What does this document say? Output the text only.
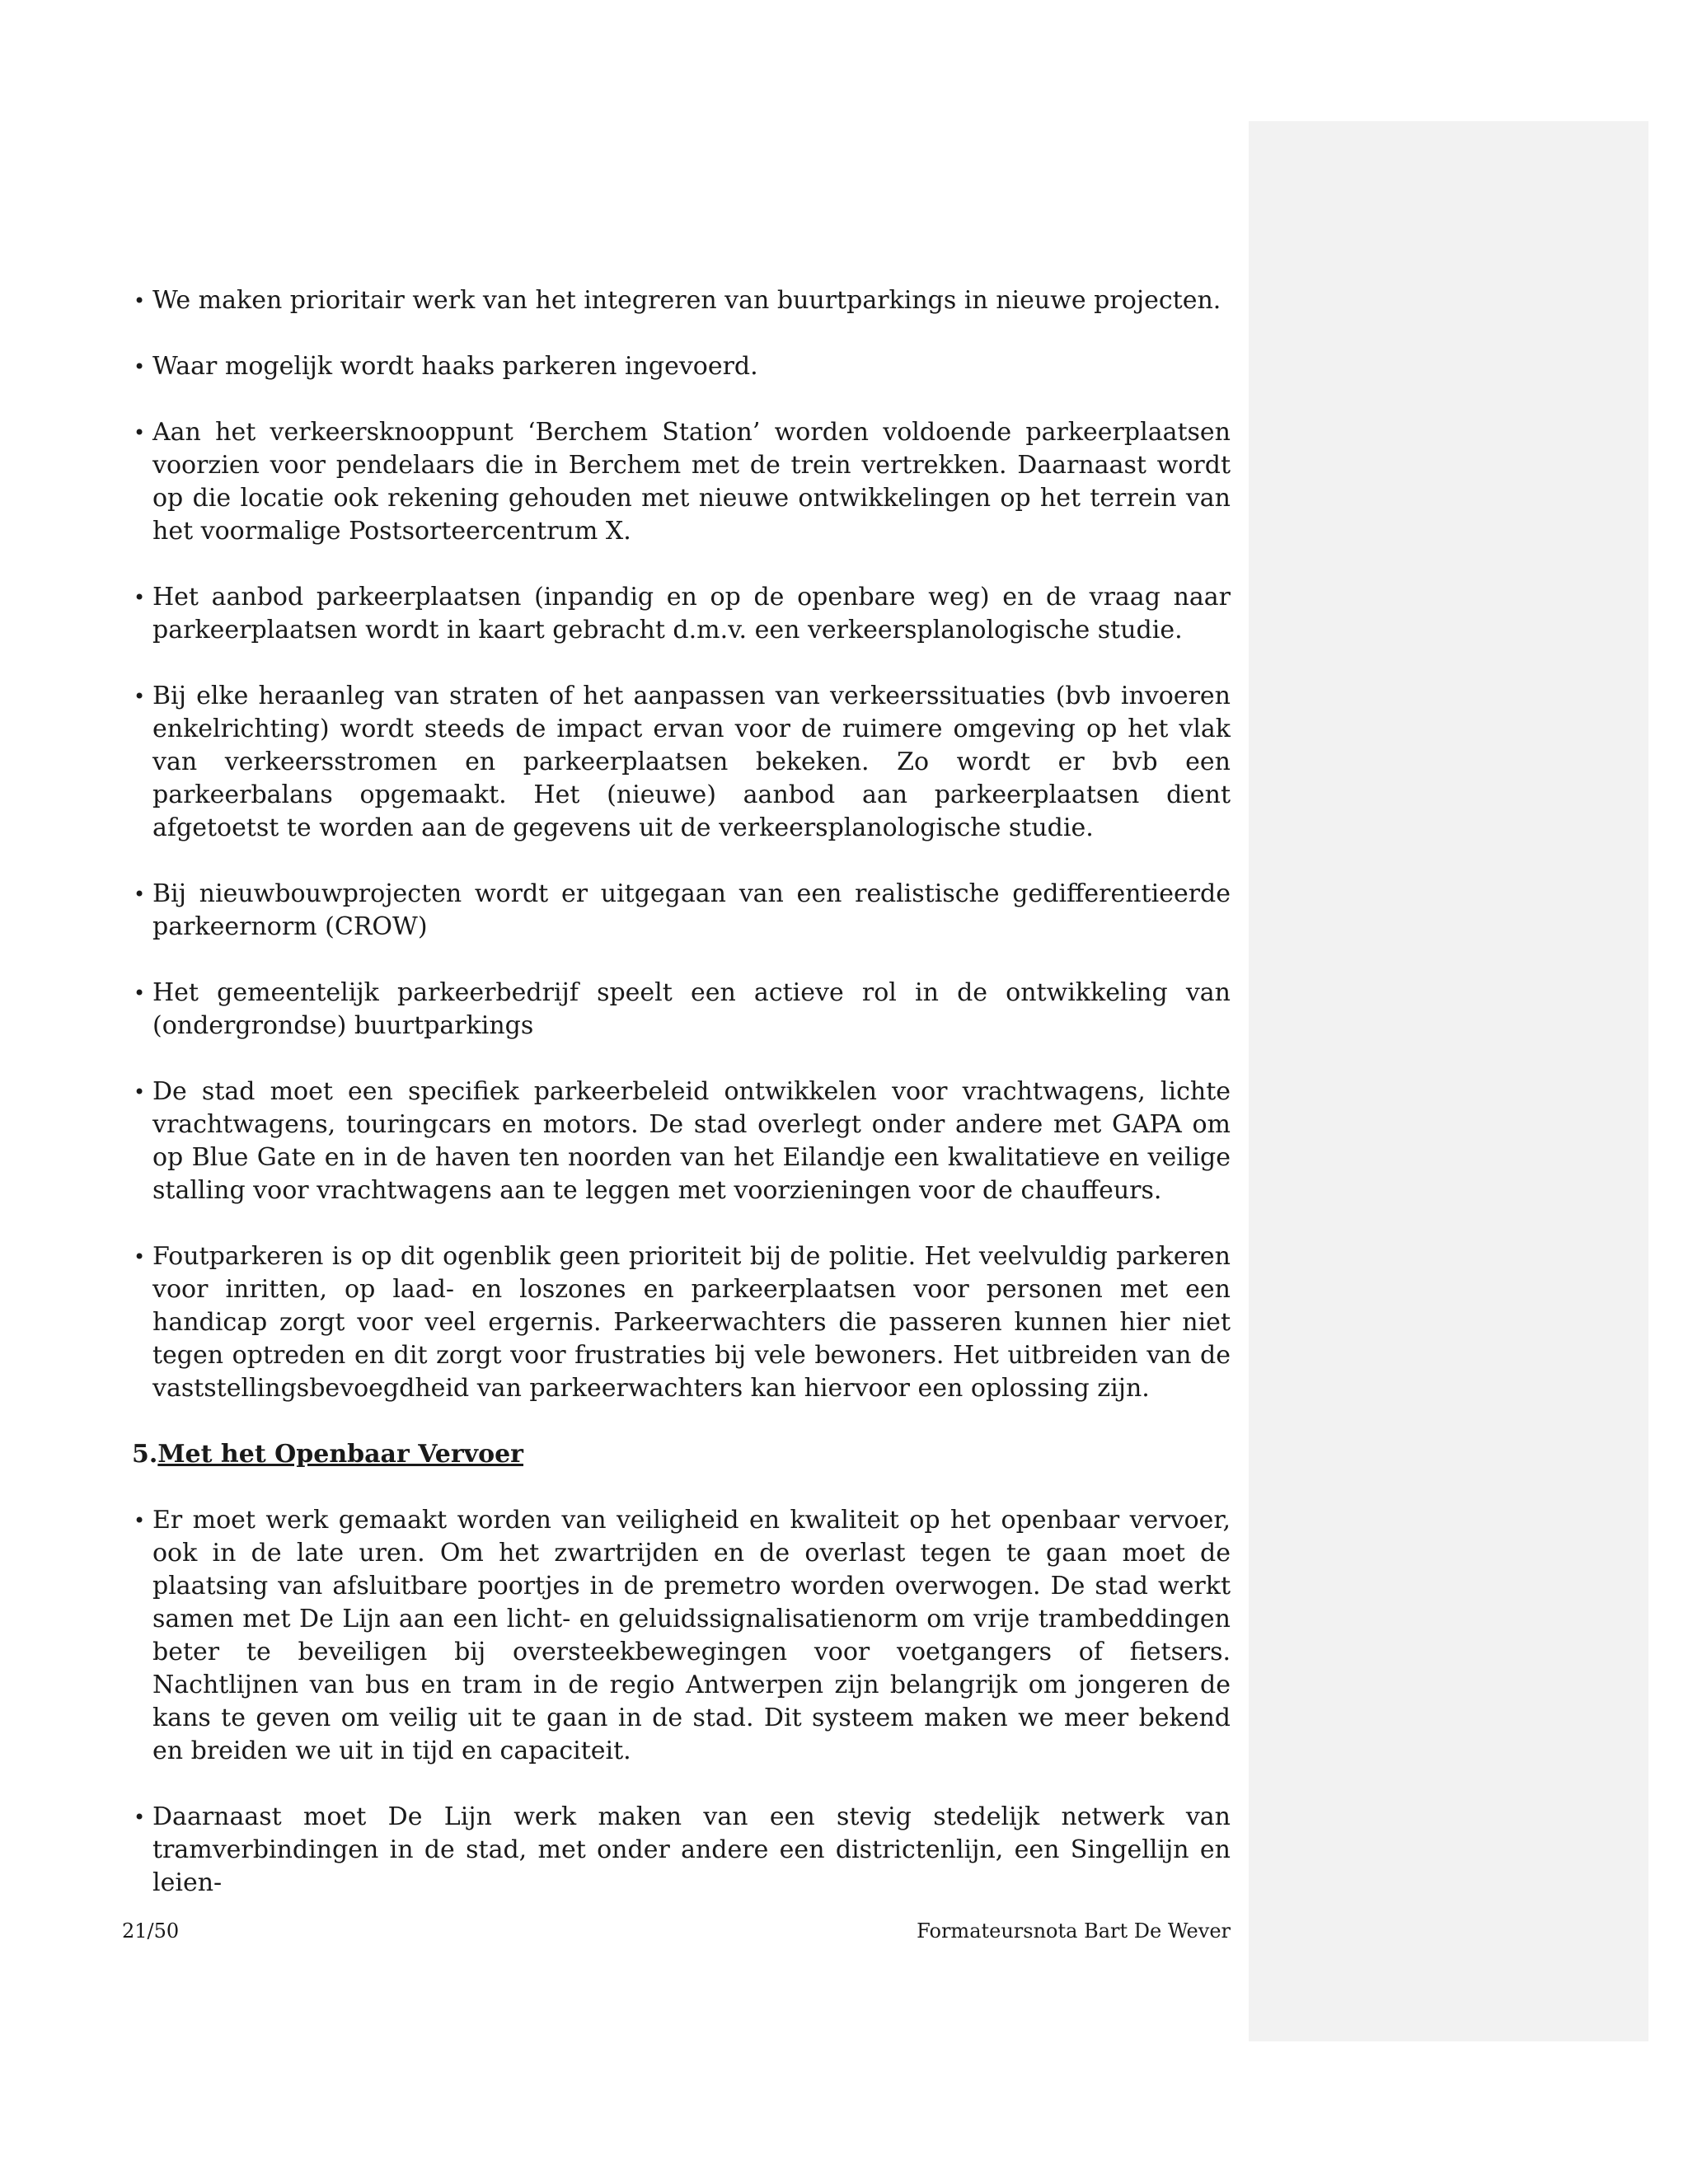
• We maken prioritair werk van het integreren van buurtparkings in nieuwe projecten.
• Waar mogelijk wordt haaks parkeren ingevoerd.
• Aan het verkeersknooppunt ‘Berchem Station’ worden voldoende parkeerplaatsen voorzien voor pendelaars die in Berchem met de trein vertrekken. Daarnaast wordt op die locatie ook rekening gehouden met nieuwe ontwikkelingen op het terrein van het voormalige Postsorteercentrum X.
• Het aanbod parkeerplaatsen (inpandig en op de openbare weg) en de vraag naar parkeerplaatsen wordt in kaart gebracht d.m.v. een verkeersplanologische studie.
• Bij elke heraanleg van straten of het aanpassen van verkeerssituaties (bvb invoeren enkelrichting) wordt steeds de impact ervan voor de ruimere omgeving op het vlak van verkeersstromen en parkeerplaatsen bekeken. Zo wordt er bvb een parkeerbalans opgemaakt. Het (nieuwe) aanbod aan parkeerplaatsen dient afgetoetst te worden aan de gegevens uit de verkeersplanologische studie.
• Bij nieuwbouwprojecten wordt er uitgegaan van een realistische gedifferentieerde parkeernorm (CROW)
• Het gemeentelijk parkeerbedrijf speelt een actieve rol in de ontwikkeling van (ondergrondse) buurtparkings
• De stad moet een specifiek parkeerbeleid ontwikkelen voor vrachtwagens, lichte vrachtwagens, touringcars en motors. De stad overlegt onder andere met GAPA om op Blue Gate en in de haven ten noorden van het Eilandje een kwalitatieve en veilige stalling voor vrachtwagens aan te leggen met voorzieningen voor de chauffeurs.
• Foutparkeren is op dit ogenblik geen prioriteit bij de politie. Het veelvuldig parkeren voor inritten, op laad- en loszones en parkeerplaatsen voor personen met een handicap zorgt voor veel ergernis. Parkeerwachters die passeren kunnen hier niet tegen optreden en dit zorgt voor frustraties bij vele bewoners. Het uitbreiden van de vaststellingsbevoegdheid van parkeerwachters kan hiervoor een oplossing zijn.
5.Met het Openbaar Vervoer
• Er moet werk gemaakt worden van veiligheid en kwaliteit op het openbaar vervoer, ook in de late uren. Om het zwartrijden en de overlast tegen te gaan moet de plaatsing van afsluitbare poortjes in de premetro worden overwogen. De stad werkt samen met De Lijn aan een licht- en geluidssignalisatienorm om vrije trambeddingen beter te beveiligen bij oversteekbewegingen voor voetgangers of fietsers. Nachtlijnen van bus en tram in de regio Antwerpen zijn belangrijk om jongeren de kans te geven om veilig uit te gaan in de stad. Dit systeem maken we meer bekend en breiden we uit in tijd en capaciteit.
• Daarnaast moet De Lijn werk maken van een stevig stedelijk netwerk van tramverbindingen in de stad, met onder andere een districtenlijn, een Singellijn en leien-
21/50	Formateursnota Bart De Wever
